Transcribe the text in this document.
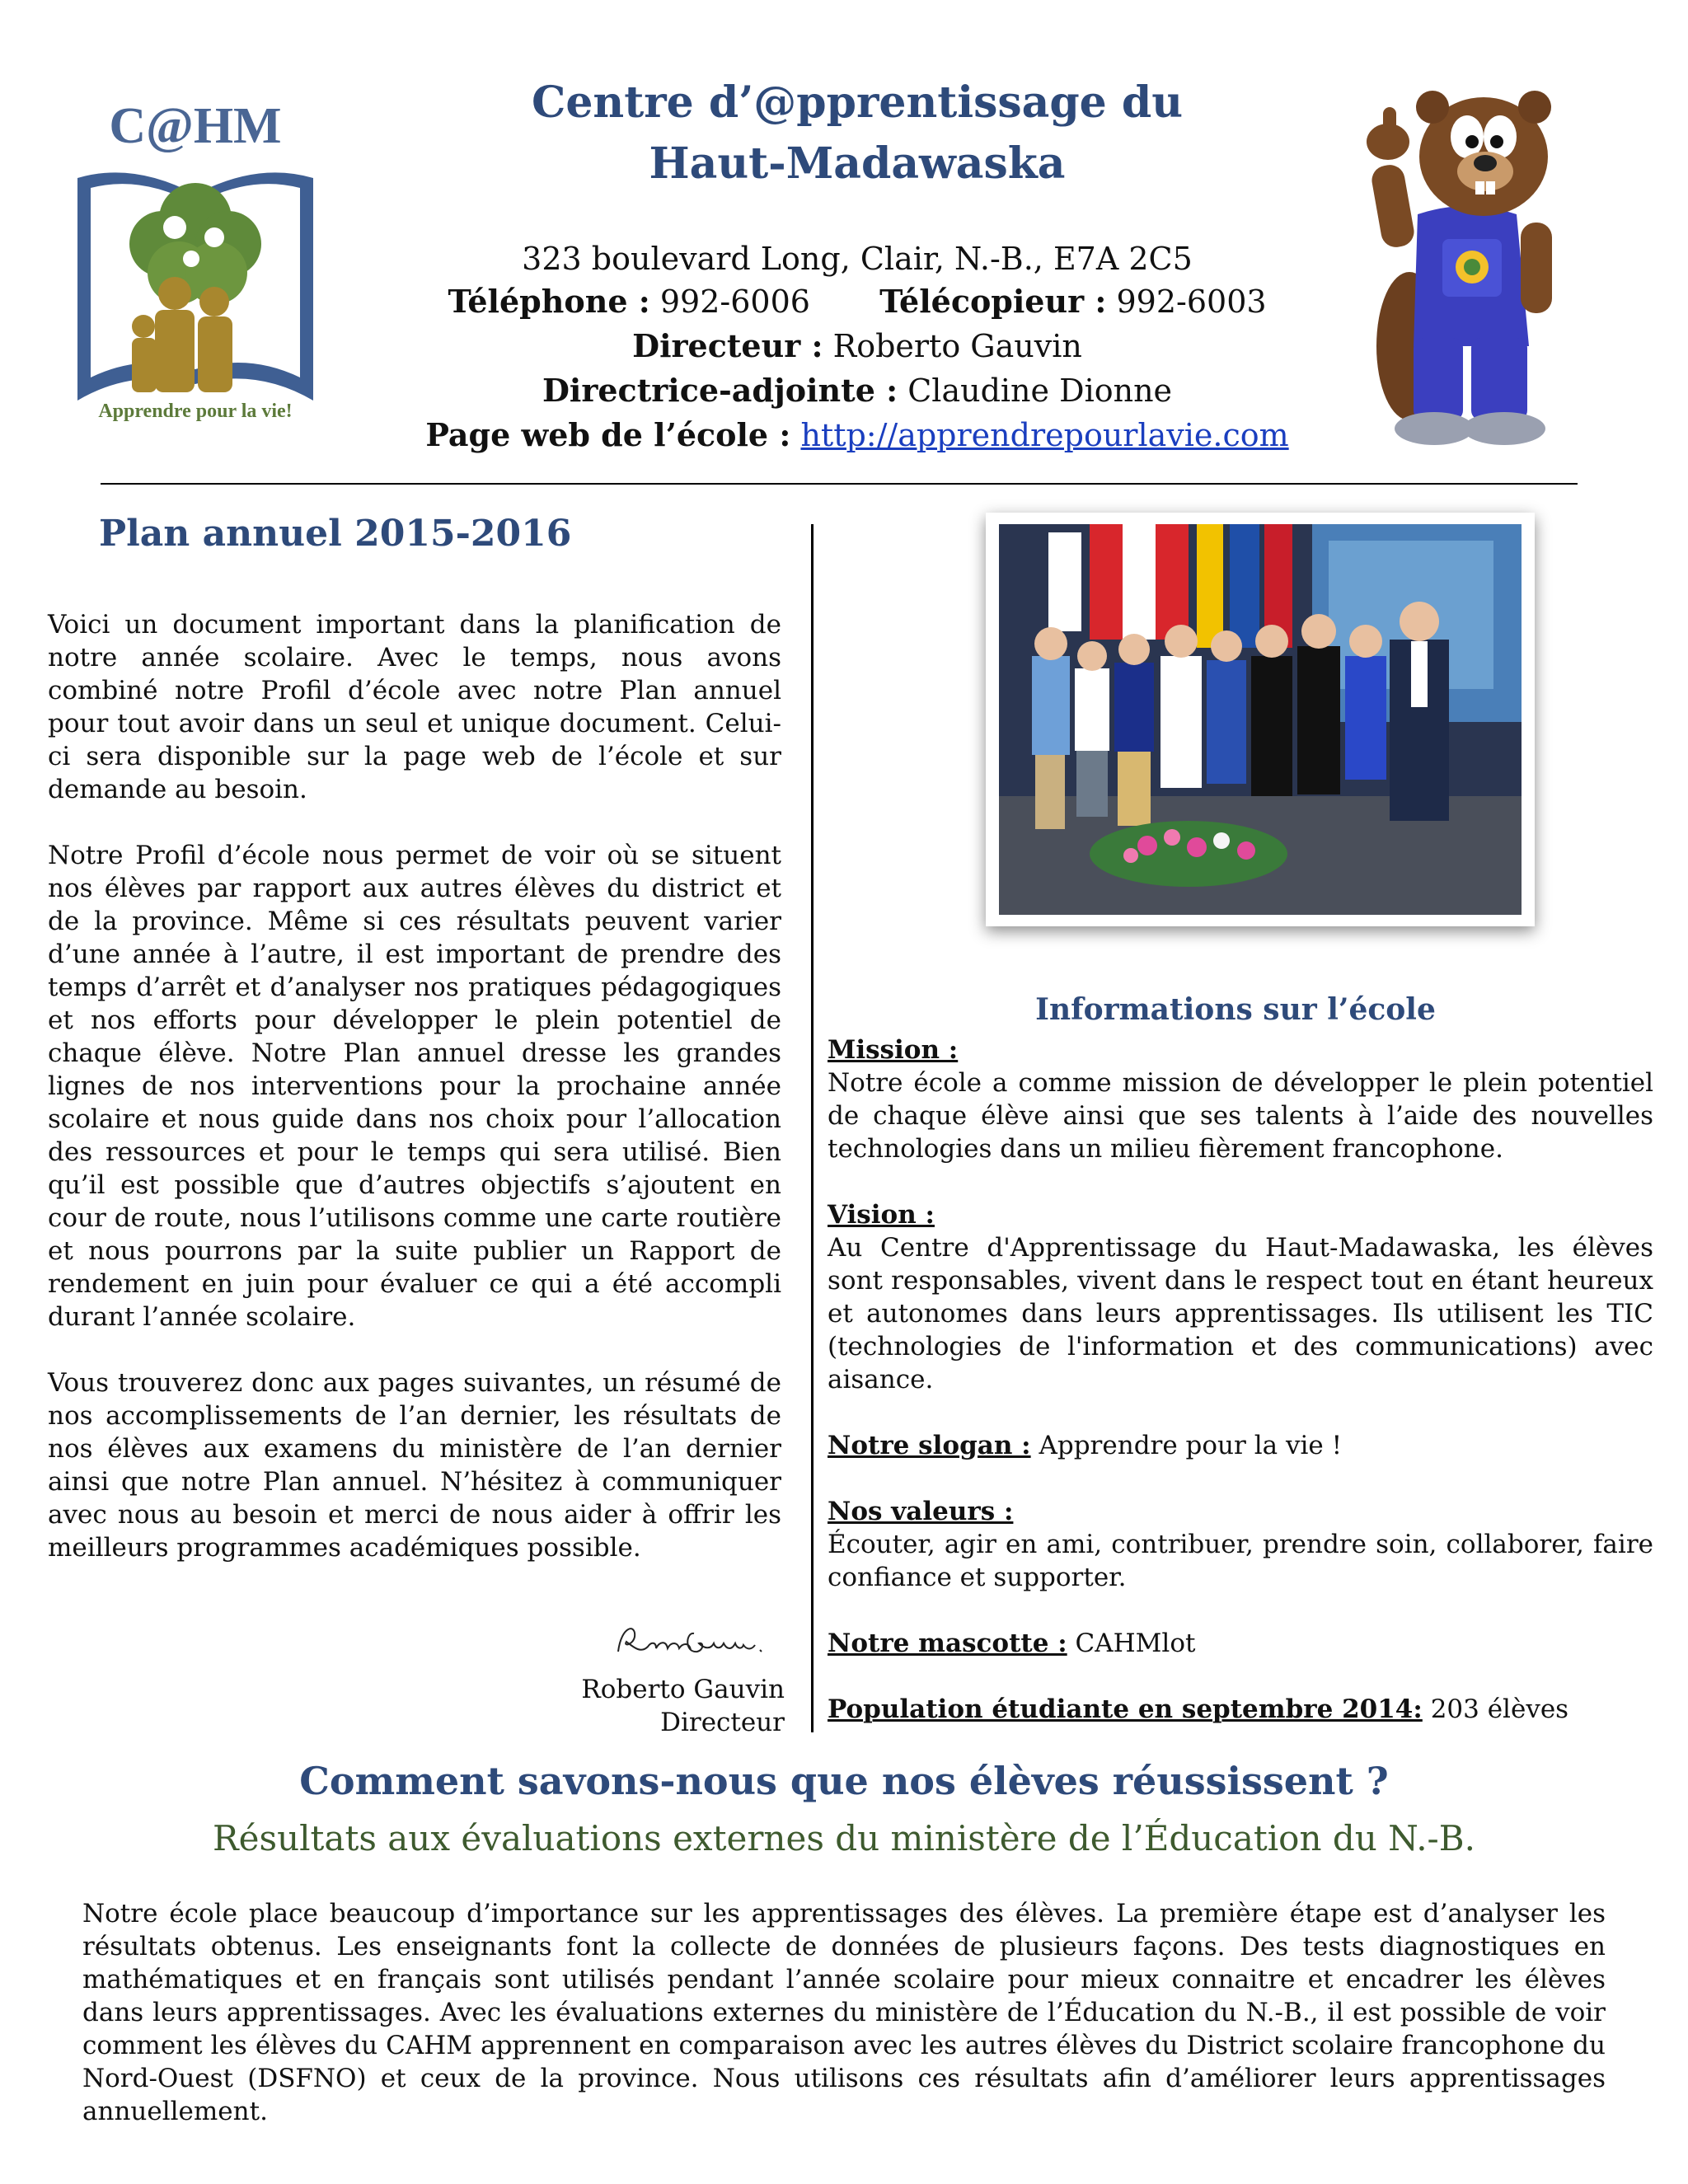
C@HM
Apprendre pour la vie!
Centre d’@pprentissage du
Haut-Madawaska
323 boulevard Long, Clair, N.-B., E7A 2C5
Téléphone : 992-6006 Télécopieur : 992-6003
Directeur : Roberto Gauvin
Directrice-adjointe : Claudine Dionne
Page web de l’école : http://apprendrepourlavie.com
Plan annuel 2015-2016
Voici un document important dans la planification de notre année scolaire. Avec le temps, nous avons combiné notre Profil d’école avec notre Plan annuel pour tout avoir dans un seul et unique document. Celui-ci sera disponible sur la page web de l’école et sur demande au besoin.
Notre Profil d’école nous permet de voir où se situent nos élèves par rapport aux autres élèves du district et de la province. Même si ces résultats peuvent varier d’une année à l’autre, il est important de prendre des temps d’arrêt et d’analyser nos pratiques pédagogiques et nos efforts pour développer le plein potentiel de chaque élève. Notre Plan annuel dresse les grandes lignes de nos interventions pour la prochaine année scolaire et nous guide dans nos choix pour l’allocation des ressources et pour le temps qui sera utilisé. Bien qu’il est possible que d’autres objectifs s’ajoutent en cour de route, nous l’utilisons comme une carte routière et nous pourrons par la suite publier un Rapport de rendement en juin pour évaluer ce qui a été accompli durant l’année scolaire.
Vous trouverez donc aux pages suivantes, un résumé de nos accomplissements de l’an dernier, les résultats de nos élèves aux examens du ministère de l’an dernier ainsi que notre Plan annuel. N’hésitez à communiquer avec nous au besoin et merci de nous aider à offrir les meilleurs programmes académiques possible.
Roberto Gauvin
Directeur
Informations sur l’école
Mission :
Notre école a comme mission de développer le plein potentiel de chaque élève ainsi que ses talents à l’aide des nouvelles technologies dans un milieu fièrement francophone.
Vision :
Au Centre d'Apprentissage du Haut-Madawaska, les élèves sont responsables, vivent dans le respect tout en étant heureux et autonomes dans leurs apprentissages. Ils utilisent les TIC (technologies de l'information et des communications) avec aisance.
Notre slogan : Apprendre pour la vie !
Nos valeurs :
Écouter, agir en ami, contribuer, prendre soin, collaborer, faire confiance et supporter.
Notre mascotte : CAHMlot
Population étudiante en septembre 2014: 203 élèves
Comment savons-nous que nos élèves réussissent ?
Résultats aux évaluations externes du ministère de l’Éducation du N.-B.
Notre école place beaucoup d’importance sur les apprentissages des élèves. La première étape est d’analyser les résultats obtenus. Les enseignants font la collecte de données de plusieurs façons. Des tests diagnostiques en mathématiques et en français sont utilisés pendant l’année scolaire pour mieux connaitre et encadrer les élèves dans leurs apprentissages. Avec les évaluations externes du ministère de l’Éducation du N.-B., il est possible de voir comment les élèves du CAHM apprennent en comparaison avec les autres élèves du District scolaire francophone du Nord-Ouest (DSFNO) et ceux de la province. Nous utilisons ces résultats afin d’améliorer leurs apprentissages annuellement.
